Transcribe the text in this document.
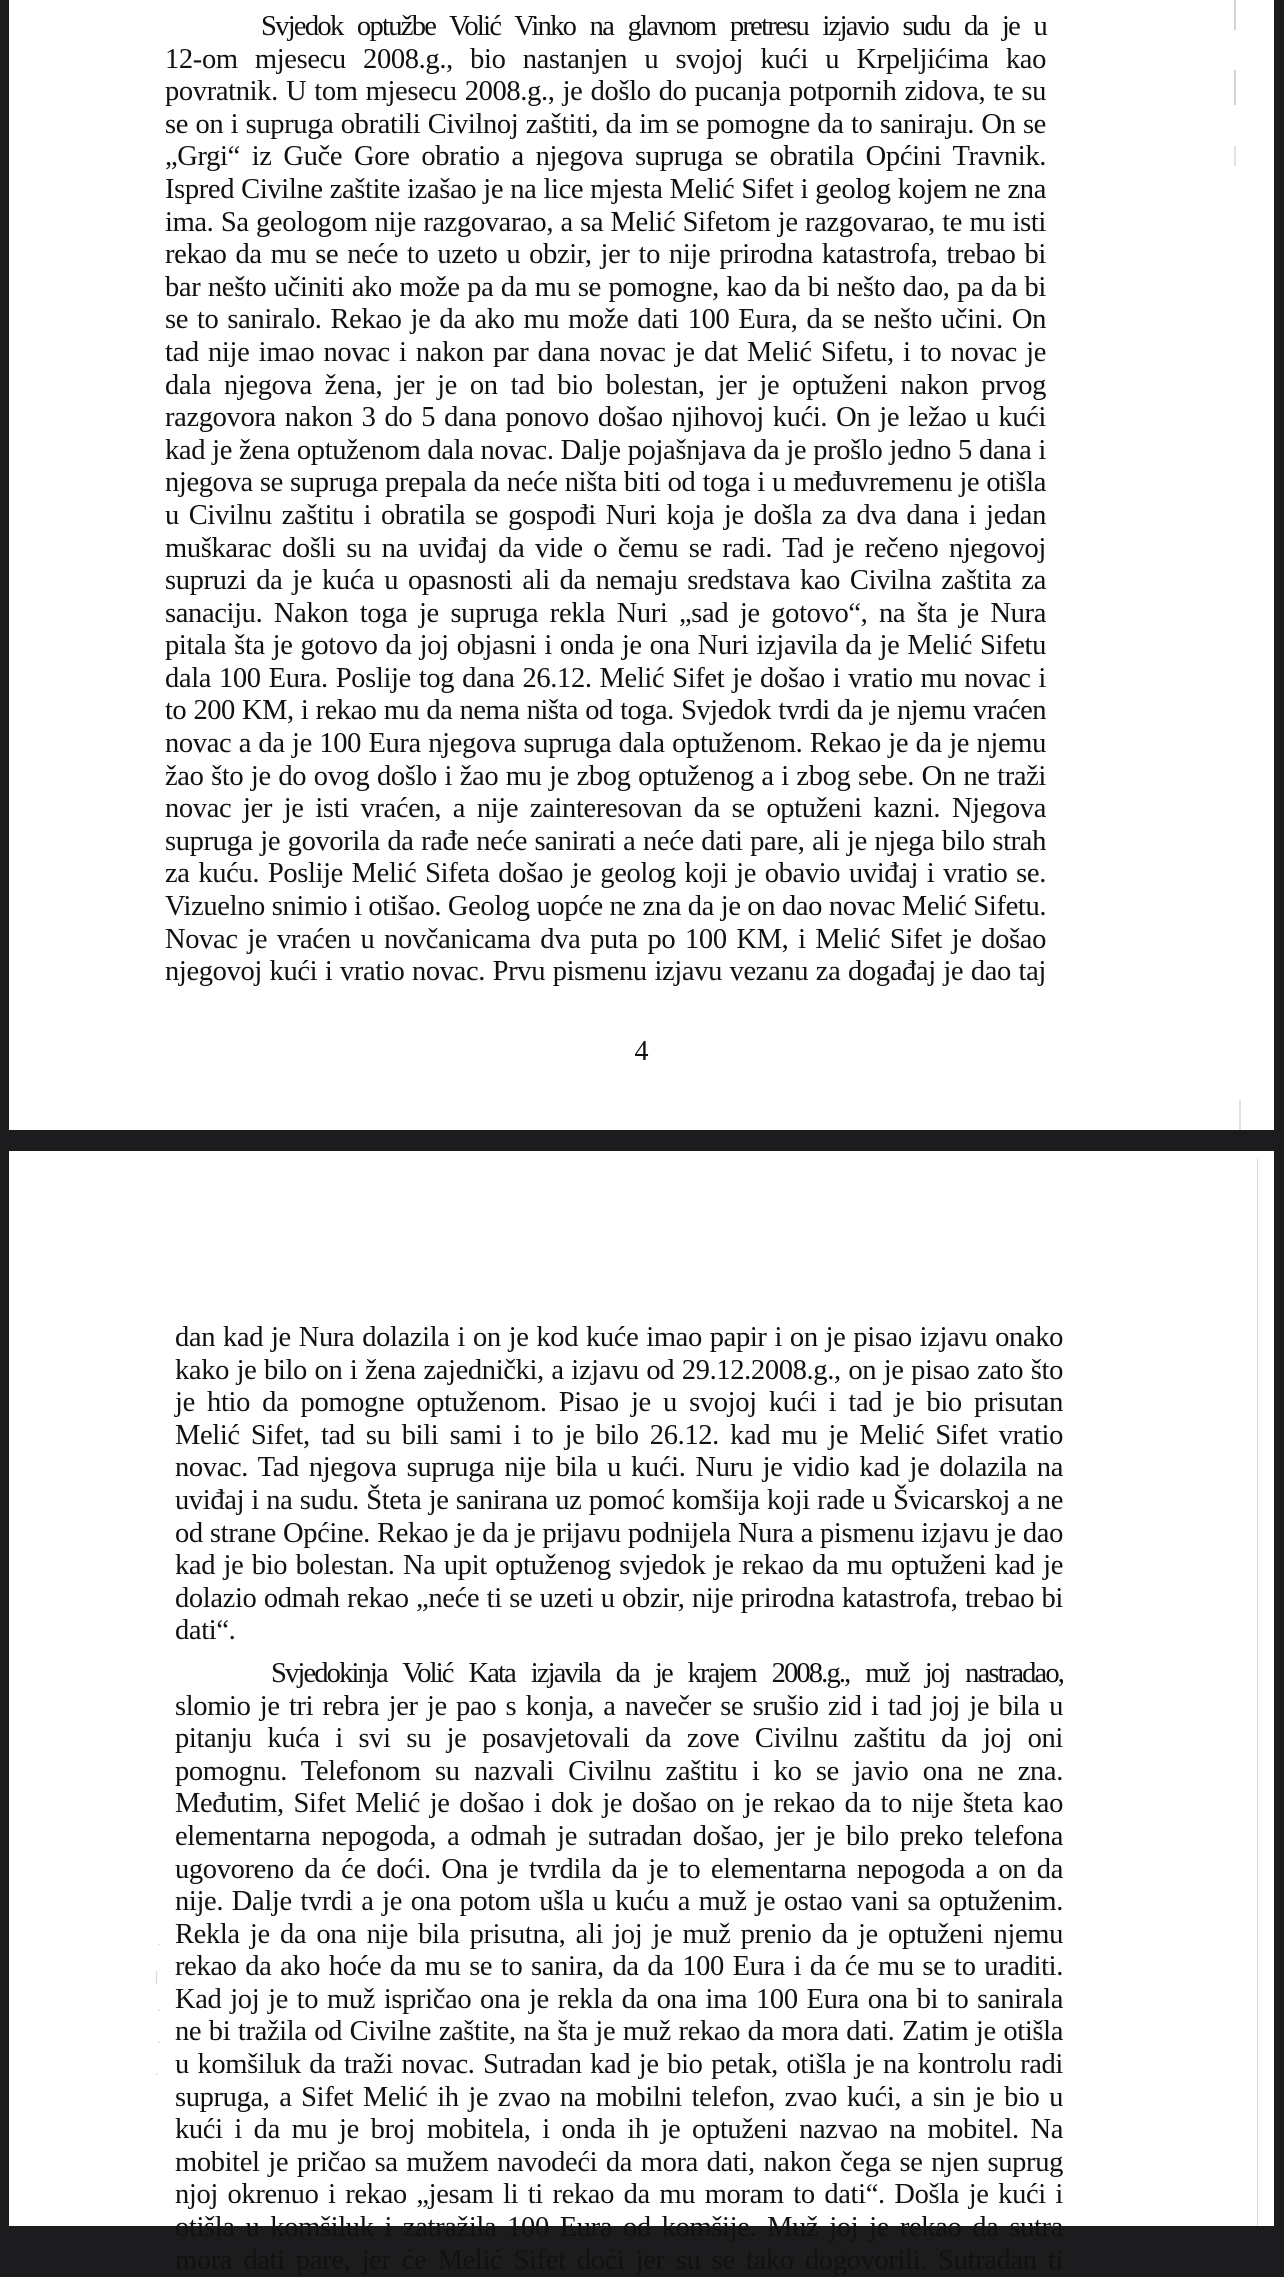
Svjedok optužbe Volić Vinko na glavnom pretresu izjavio sudu da je u
12-om mjesecu 2008.g., bio nastanjen u svojoj kući u Krpeljićima kao
povratnik. U tom mjesecu 2008.g., je došlo do pucanja potpornih zidova, te su
se on i supruga obratili Civilnoj zaštiti, da im se pomogne da to saniraju. On se
„Grgi“ iz Guče Gore obratio a njegova supruga se obratila Općini Travnik.
Ispred Civilne zaštite izašao je na lice mjesta Melić Sifet i geolog kojem ne zna
ima. Sa geologom nije razgovarao, a sa Melić Sifetom je razgovarao, te mu isti
rekao da mu se neće to uzeto u obzir, jer to nije prirodna katastrofa, trebao bi
bar nešto učiniti ako može pa da mu se pomogne, kao da bi nešto dao, pa da bi
se to saniralo. Rekao je da ako mu može dati 100 Eura, da se nešto učini. On
tad nije imao novac i nakon par dana novac je dat Melić Sifetu, i to novac je
dala njegova žena, jer je on tad bio bolestan, jer je optuženi nakon prvog
razgovora nakon 3 do 5 dana ponovo došao njihovoj kući. On je ležao u kući
kad je žena optuženom dala novac. Dalje pojašnjava da je prošlo jedno 5 dana i
njegova se supruga prepala da neće ništa biti od toga i u međuvremenu je otišla
u Civilnu zaštitu i obratila se gospođi Nuri koja je došla za dva dana i jedan
muškarac došli su na uviđaj da vide o čemu se radi. Tad je rečeno njegovoj
supruzi da je kuća u opasnosti ali da nemaju sredstava kao Civilna zaštita za
sanaciju. Nakon toga je supruga rekla Nuri „sad je gotovo“, na šta je Nura
pitala šta je gotovo da joj objasni i onda je ona Nuri izjavila da je Melić Sifetu
dala 100 Eura. Poslije tog dana 26.12. Melić Sifet je došao i vratio mu novac i
to 200 KM, i rekao mu da nema ništa od toga. Svjedok tvrdi da je njemu vraćen
novac a da je 100 Eura njegova supruga dala optuženom. Rekao je da je njemu
žao što je do ovog došlo i žao mu je zbog optuženog a i zbog sebe. On ne traži
novac jer je isti vraćen, a nije zainteresovan da se optuženi kazni. Njegova
supruga je govorila da rađe neće sanirati a neće dati pare, ali je njega bilo strah
za kuću. Poslije Melić Sifeta došao je geolog koji je obavio uviđaj i vratio se.
Vizuelno snimio i otišao. Geolog uopće ne zna da je on dao novac Melić Sifetu.
Novac je vraćen u novčanicama dva puta po 100 KM, i Melić Sifet je došao
njegovoj kući i vratio novac. Prvu pismenu izjavu vezanu za događaj je dao taj
4
·
⸽
·
·
·
dan kad je Nura dolazila i on je kod kuće imao papir i on je pisao izjavu onako
kako je bilo on i žena zajednički, a izjavu od 29.12.2008.g., on je pisao zato što
je htio da pomogne optuženom. Pisao je u svojoj kući i tad je bio prisutan
Melić Sifet, tad su bili sami i to je bilo 26.12. kad mu je Melić Sifet vratio
novac. Tad njegova supruga nije bila u kući. Nuru je vidio kad je dolazila na
uviđaj i na sudu. Šteta je sanirana uz pomoć komšija koji rade u Švicarskoj a ne
od strane Općine. Rekao je da je prijavu podnijela Nura a pismenu izjavu je dao
kad je bio bolestan. Na upit optuženog svjedok je rekao da mu optuženi kad je
dolazio odmah rekao „neće ti se uzeti u obzir, nije prirodna katastrofa, trebao bi
dati“.
Svjedokinja Volić Kata izjavila da je krajem 2008.g., muž joj nastradao,
slomio je tri rebra jer je pao s konja, a navečer se srušio zid i tad joj je bila u
pitanju kuća i svi su je posavjetovali da zove Civilnu zaštitu da joj oni
pomognu. Telefonom su nazvali Civilnu zaštitu i ko se javio ona ne zna.
Međutim, Sifet Melić je došao i dok je došao on je rekao da to nije šteta kao
elementarna nepogoda, a odmah je sutradan došao, jer je bilo preko telefona
ugovoreno da će doći. Ona je tvrdila da je to elementarna nepogoda a on da
nije. Dalje tvrdi a je ona potom ušla u kuću a muž je ostao vani sa optuženim.
Rekla je da ona nije bila prisutna, ali joj je muž prenio da je optuženi njemu
rekao da ako hoće da mu se to sanira, da da 100 Eura i da će mu se to uraditi.
Kad joj je to muž ispričao ona je rekla da ona ima 100 Eura ona bi to sanirala
ne bi tražila od Civilne zaštite, na šta je muž rekao da mora dati. Zatim je otišla
u komšiluk da traži novac. Sutradan kad je bio petak, otišla je na kontrolu radi
supruga, a Sifet Melić ih je zvao na mobilni telefon, zvao kući, a sin je bio u
kući i da mu je broj mobitela, i onda ih je optuženi nazvao na mobitel. Na
mobitel je pričao sa mužem navodeći da mora dati, nakon čega se njen suprug
njoj okrenuo i rekao „jesam li ti rekao da mu moram to dati“. Došla je kući i
otišla u komšiluk i zatražila 100 Eura od komšije. Muž joj je rekao da sutra
mora dati pare, jer će Melić Sifet doći jer su se tako dogovorili. Sutradan ti
